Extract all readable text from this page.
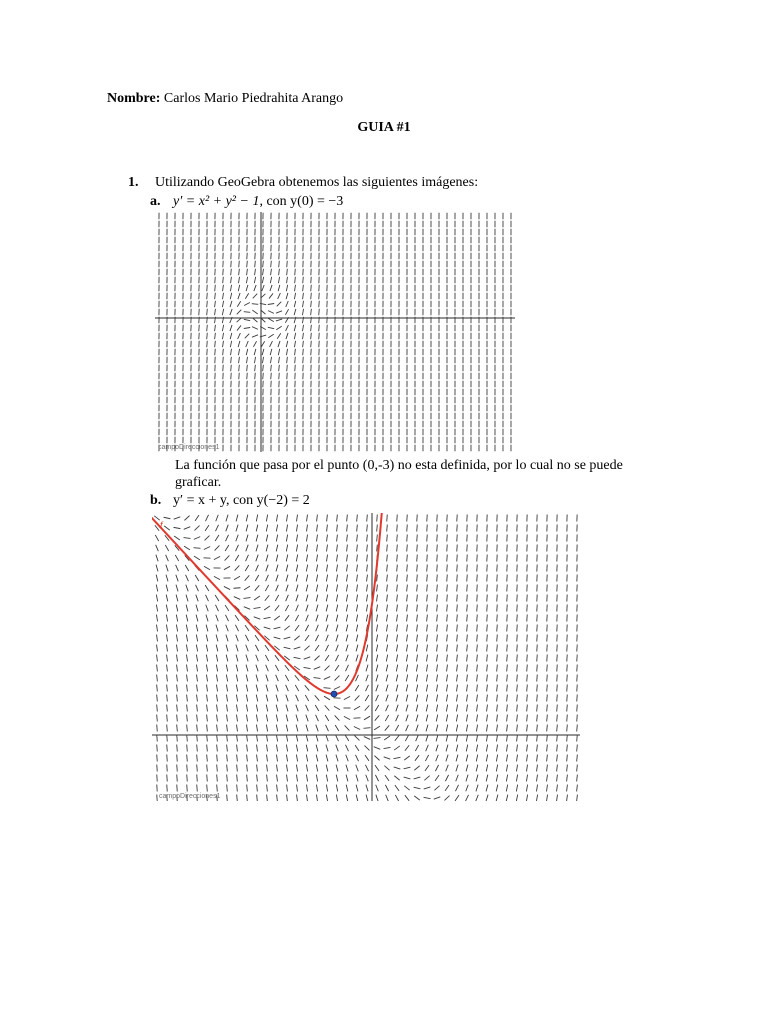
Nombre: Carlos Mario Piedrahita Arango
GUIA #1
1. Utilizando GeoGebra obtenemos las siguientes imágenes:
a. y′ = x² + y² − 1, con y(0) = −3
campoDirecciones1
La función que pasa por el punto (0,-3) no esta definida, por lo cual no se puede
graficar.
b. y′ = x + y, con y(−2) = 2
f
campoDirecciones1
